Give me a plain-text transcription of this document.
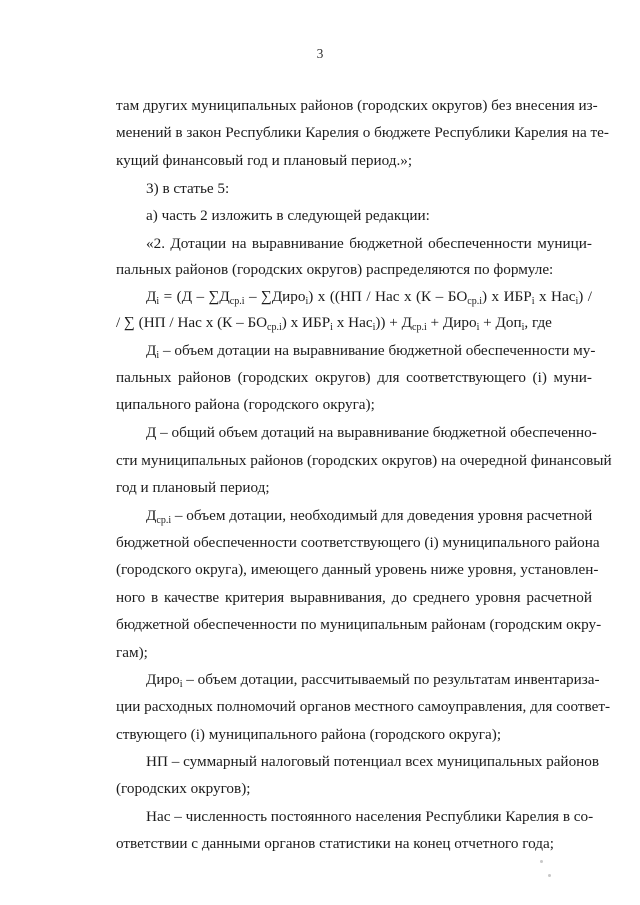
3
там других муниципальных районов (городских округов) без внесения из-
менений в закон Республики Карелия о бюджете Республики Карелия на те-
кущий финансовый год и плановый период.»;
3) в статье 5:
а) часть 2 изложить в следующей редакции:
«2. Дотации на выравнивание бюджетной обеспеченности муници-
пальных районов (городских округов) распределяются по формуле:
$Д_i = (Д - \sum Д_{ср.i}$ – ∑Диро$_i$) x ((НП / Нас x $(К - БО_{ср.i})$ x $ИБР_i$ x Нас$_i$) /
/ ∑ (НП / Нас x $(К - БО_{ср.i})$ x $ИБР_i$ x $Нас_i)) + Д_{ср.i}$ + Диро$_i$ + Доп$_i$, где
$Д_i$ – объем дотации на выравнивание бюджетной обеспеченности му-
пальных районов (городских округов) для соответствующего (i) муни-
ципального района (городского округа);
Д – общий объем дотаций на выравнивание бюджетной обеспеченно-
сти муниципальных районов (городских округов) на очередной финансовый
год и плановый период;
$Д_{ср.i}$ – объем дотации, необходимый для доведения уровня расчетной
бюджетной обеспеченности соответствующего (i) муниципального района
(городского округа), имеющего данный уровень ниже уровня, установлен-
ного в качестве критерия выравнивания, до среднего уровня расчетной
бюджетной обеспеченности по муниципальным районам (городским окру-
гам);
Диро$_i$ – объем дотации, рассчитываемый по результатам инвентариза-
ции расходных полномочий органов местного самоуправления, для соответ-
ствующего (i) муниципального района (городского округа);
НП – суммарный налоговый потенциал всех муниципальных районов
(городских округов);
Нас – численность постоянного населения Республики Карелия в со-
ответствии с данными органов статистики на конец отчетного года;
